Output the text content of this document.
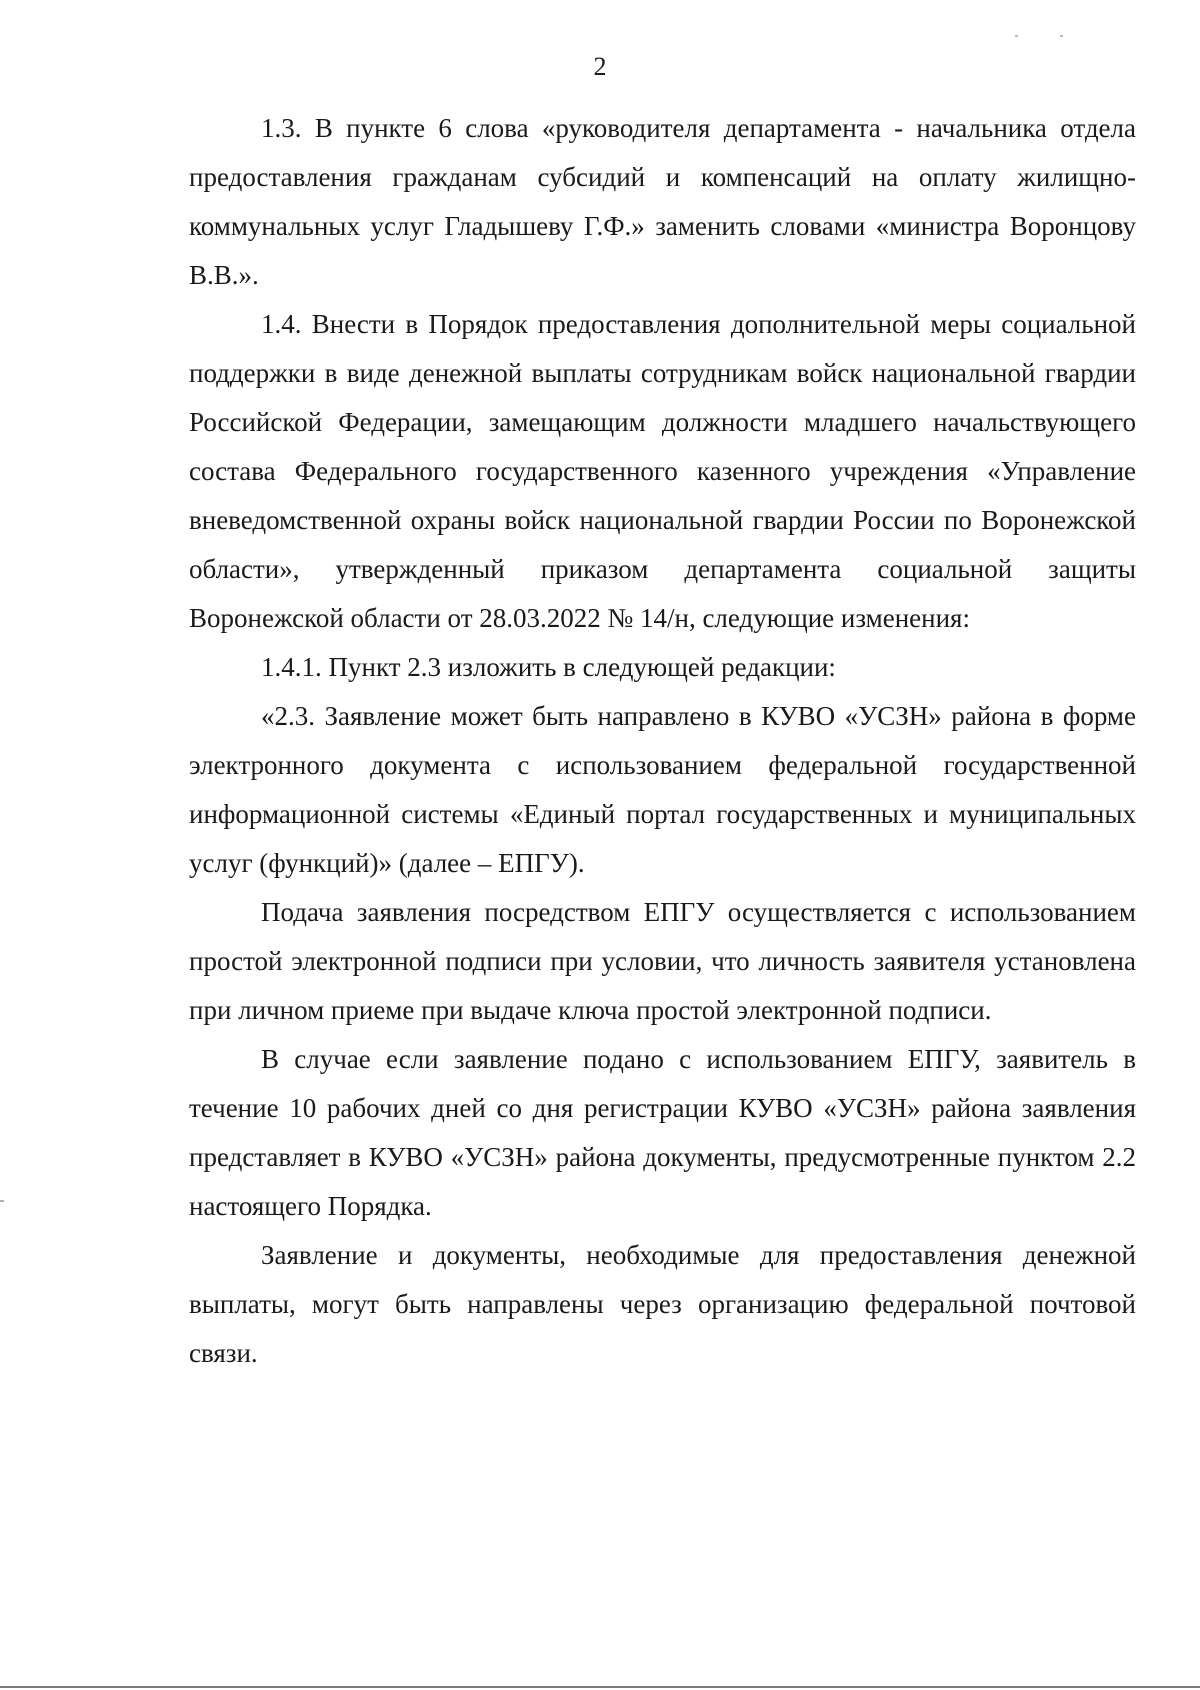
2

1.3. В пункте 6 слова «руководителя департамента - начальника отдела предоставления гражданам субсидий и компенсаций на оплату жилищно-коммунальных услуг Гладышеву Г.Ф.» заменить словами «министра Воронцову В.В.».

1.4. Внести в Порядок предоставления дополнительной меры социальной поддержки в виде денежной выплаты сотрудникам войск национальной гвардии Российской Федерации, замещающим должности младшего начальствующего состава Федерального государственного казенного учреждения «Управление вневедомственной охраны войск национальной гвардии России по Воронежской области», утвержденный приказом департамента социальной защиты Воронежской области от 28.03.2022 № 14/н, следующие изменения:

1.4.1. Пункт 2.3 изложить в следующей редакции:

«2.3. Заявление может быть направлено в КУВО «УСЗН» района в форме электронного документа с использованием федеральной государственной информационной системы «Единый портал государственных и муниципальных услуг (функций)» (далее – ЕПГУ).

Подача заявления посредством ЕПГУ осуществляется с использованием простой электронной подписи при условии, что личность заявителя установлена при личном приеме при выдаче ключа простой электронной подписи.

В случае если заявление подано с использованием ЕПГУ, заявитель в течение 10 рабочих дней со дня регистрации КУВО «УСЗН» района заявления представляет в КУВО «УСЗН» района документы, предусмотренные пунктом 2.2 настоящего Порядка.

Заявление и документы, необходимые для предоставления денежной выплаты, могут быть направлены через организацию федеральной почтовой связи.
